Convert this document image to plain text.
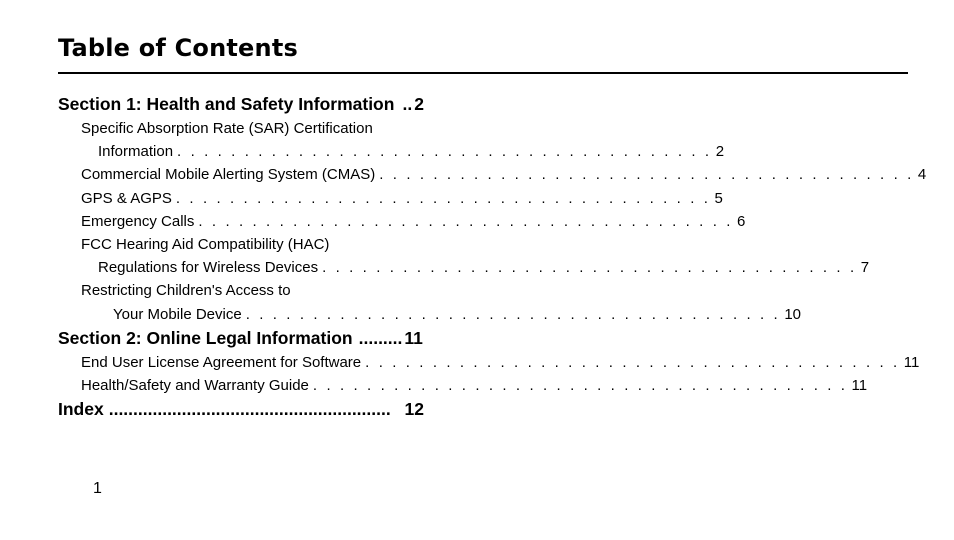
Table of Contents
Section 1: Health and Safety Information .. 2
Specific Absorption Rate (SAR) Certification
Information . . . . . . . . . . . . . . . . . . . . . . . . . . . . . . . . . . . . . . . . 2
Commercial Mobile Alerting System (CMAS) . . . . . . . . . . . . . . . . . . . . . . . . . . . . . . . . . . . . . . . . 4
GPS & AGPS . . . . . . . . . . . . . . . . . . . . . . . . . . . . . . . . . . . . . . . . 5
Emergency Calls . . . . . . . . . . . . . . . . . . . . . . . . . . . . . . . . . . . . . . . . 6
FCC Hearing Aid Compatibility (HAC)
Regulations for Wireless Devices . . . . . . . . . . . . . . . . . . . . . . . . . . . . . . . . . . . . . . . . 7
Restricting Children's Access to
Your Mobile Device . . . . . . . . . . . . . . . . . . . . . . . . . . . . . . . . . . . . . . . . 10
Section 2: Online Legal Information ......... 11
End User License Agreement for Software . . . . . . . . . . . . . . . . . . . . . . . . . . . . . . . . . . . . . . . . 11
Health/Safety and Warranty Guide . . . . . . . . . . . . . . . . . . . . . . . . . . . . . . . . . . . . . . . . 11
Index .......................................................... 12
1
